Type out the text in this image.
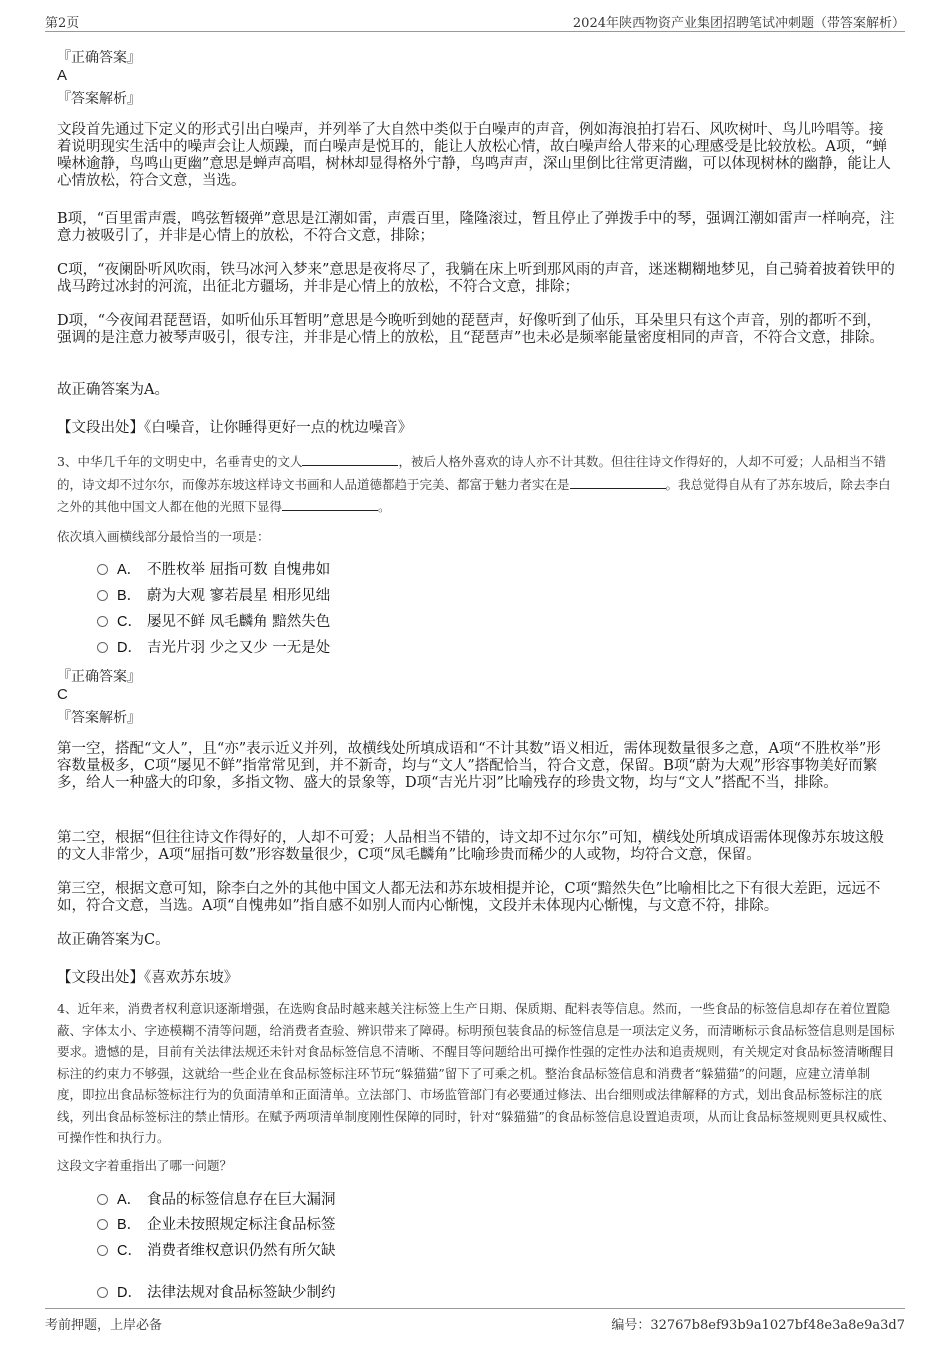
第2页	2024年陕西物资产业集团招聘笔试冲刺题（带答案解析）
『正确答案』
A
『答案解析』

文段首先通过下定义的形式引出白噪声，并列举了大自然中类似于白噪声的声音，例如海浪拍打岩石、风吹树叶、鸟儿吟唱等。接着说明现实生活中的噪声会让人烦躁，而白噪声是悦耳的，能让人放松心情，故白噪声给人带来的心理感受是比较放松。A项，“蝉噪林逾静，鸟鸣山更幽”意思是蝉声高唱，树林却显得格外宁静，鸟鸣声声，深山里倒比往常更清幽，可以体现树林的幽静，能让人心情放松，符合文意，当选。

B项，“百里雷声震，鸣弦暂辍弹”意思是江潮如雷，声震百里，隆隆滚过，暂且停止了弹拨手中的琴，强调江潮如雷声一样响亮，注意力被吸引了，并非是心情上的放松，不符合文意，排除；

C项，“夜阑卧听风吹雨，铁马冰河入梦来”意思是夜将尽了，我躺在床上听到那风雨的声音，迷迷糊糊地梦见，自己骑着披着铁甲的战马跨过冰封的河流，出征北方疆场，并非是心情上的放松，不符合文意，排除；

D项，“今夜闻君琵琶语，如听仙乐耳暂明”意思是今晚听到她的琵琶声，好像听到了仙乐，耳朵里只有这个声音，别的都听不到，强调的是注意力被琴声吸引，很专注，并非是心情上的放松，且“琵琶声”也未必是频率能量密度相同的声音，不符合文意，排除。

故正确答案为A。

【文段出处】《白噪音，让你睡得更好一点的枕边噪音》

3、中华几千年的文明史中，名垂青史的文人	，被后人格外喜欢的诗人亦不计其数。但往往诗文作得好的，人却不可爱；人品相当不错的，诗文却不过尔尔，而像苏东坡这样诗文书画和人品道德都趋于完美、都富于魅力者实在是	。我总觉得自从有了苏东坡后，除去李白之外的其他中国文人都在他的光照下显得	。

依次填入画横线部分最恰当的一项是：

A． 不胜枚举 屈指可数 自愧弗如
B． 蔚为大观 寥若晨星 相形见绌
C． 屡见不鲜 凤毛麟角 黯然失色
D． 吉光片羽 少之又少 一无是处
『正确答案』
C
『答案解析』

第一空，搭配“文人”，且“亦”表示近义并列，故横线处所填成语和“不计其数”语义相近，需体现数量很多之意，A项“不胜枚举”形容数量极多，C项“屡见不鲜”指常常见到，并不新奇，均与“文人”搭配恰当，符合文意，保留。B项“蔚为大观”形容事物美好而繁多，给人一种盛大的印象，多指文物、盛大的景象等，D项“吉光片羽”比喻残存的珍贵文物，均与“文人”搭配不当，排除。

第二空，根据“但往往诗文作得好的，人却不可爱；人品相当不错的，诗文却不过尔尔”可知，横线处所填成语需体现像苏东坡这般的文人非常少，A项“屈指可数”形容数量很少，C项“凤毛麟角”比喻珍贵而稀少的人或物，均符合文意，保留。

第三空，根据文意可知，除李白之外的其他中国文人都无法和苏东坡相提并论，C项“黯然失色”比喻相比之下有很大差距，远远不如，符合文意，当选。A项“自愧弗如”指自感不如别人而内心惭愧，文段并未体现内心惭愧，与文意不符，排除。

故正确答案为C。

【文段出处】《喜欢苏东坡》

4、近年来，消费者权利意识逐渐增强，在选购食品时越来越关注标签上生产日期、保质期、配料表等信息。然而，一些食品的标签信息却存在着位置隐蔽、字体太小、字迹模糊不清等问题，给消费者查验、辨识带来了障碍。标明预包装食品的标签信息是一项法定义务，而清晰标示食品标签信息则是国标要求。遗憾的是，目前有关法律法规还未针对食品标签信息不清晰、不醒目等问题给出可操作性强的定性办法和追责规则，有关规定对食品标签清晰醒目标注的约束力不够强，这就给一些企业在食品标签标注环节玩“躲猫猫”留下了可乘之机。整治食品标签信息和消费者“躲猫猫”的问题，应建立清单制度，即拉出食品标签标注行为的负面清单和正面清单。立法部门、市场监管部门有必要通过修法、出台细则或法律解释的方式，划出食品标签标注的底线，列出食品标签标注的禁止情形。在赋予两项清单制度刚性保障的同时，针对“躲猫猫”的食品标签信息设置追责项，从而让食品标签规则更具权威性、可操作性和执行力。

这段文字着重指出了哪一问题？

A． 食品的标签信息存在巨大漏洞
B． 企业未按照规定标注食品标签
C． 消费者维权意识仍然有所欠缺
D． 法律法规对食品标签缺少制约
考前押题，上岸必备	编号：32767b8ef93b9a1027bf48e3a8e9a3d7
